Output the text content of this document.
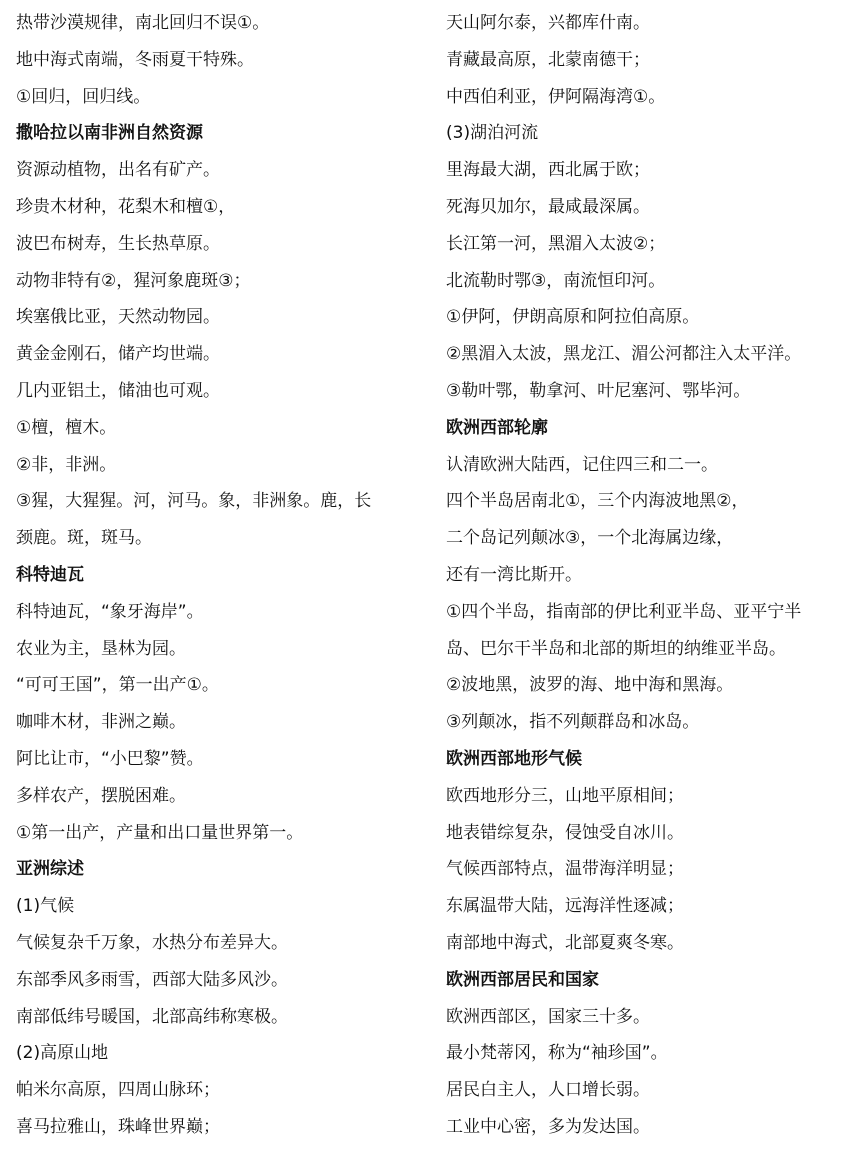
热带沙漠规律，南北回归不误①。
地中海式南端，冬雨夏干特殊。
①回归，回归线。
撒哈拉以南非洲自然资源
资源动植物，出名有矿产。
珍贵木材种，花梨木和檀①，
波巴布树寿，生长热草原。
动物非特有②，猩河象鹿斑③；
埃塞俄比亚，天然动物园。
黄金金刚石，储产均世端。
几内亚铝土，储油也可观。
①檀，檀木。
②非，非洲。
③猩，大猩猩。河，河马。象，非洲象。鹿，长
颈鹿。斑，斑马。
科特迪瓦
科特迪瓦，“象牙海岸”。
农业为主，垦林为园。
“可可王国”，第一出产①。
咖啡木材，非洲之巅。
阿比让市，“小巴黎”赞。
多样农产，摆脱困难。
①第一出产，产量和出口量世界第一。
亚洲综述
(1)气候
气候复杂千万象，水热分布差异大。
东部季风多雨雪，西部大陆多风沙。
南部低纬号暖国，北部高纬称寒极。
(2)高原山地
帕米尔高原，四周山脉环；
喜马拉雅山，珠峰世界巅；
天山阿尔泰，兴都库什南。
青藏最高原，北蒙南德干；
中西伯利亚，伊阿隔海湾①。
(3)湖泊河流
里海最大湖，西北属于欧；
死海贝加尔，最咸最深属。
长江第一河，黑湄入太波②；
北流勒时鄂③，南流恒印河。
①伊阿，伊朗高原和阿拉伯高原。
②黑湄入太波，黑龙江、湄公河都注入太平洋。
③勒叶鄂，勒拿河、叶尼塞河、鄂毕河。
欧洲西部轮廓
认清欧洲大陆西，记住四三和二一。
四个半岛居南北①，三个内海波地黑②，
二个岛记列颠冰③，一个北海属边缘，
还有一湾比斯开。
①四个半岛，指南部的伊比利亚半岛、亚平宁半
岛、巴尔干半岛和北部的斯坦的纳维亚半岛。
②波地黑，波罗的海、地中海和黑海。
③列颠冰，指不列颠群岛和冰岛。
欧洲西部地形气候
欧西地形分三，山地平原相间；
地表错综复杂，侵蚀受自冰川。
气候西部特点，温带海洋明显；
东属温带大陆，远海洋性逐减；
南部地中海式，北部夏爽冬寒。
欧洲西部居民和国家
欧洲西部区，国家三十多。
最小梵蒂冈，称为“袖珍国”。
居民白主人，人口增长弱。
工业中心密，多为发达国。
